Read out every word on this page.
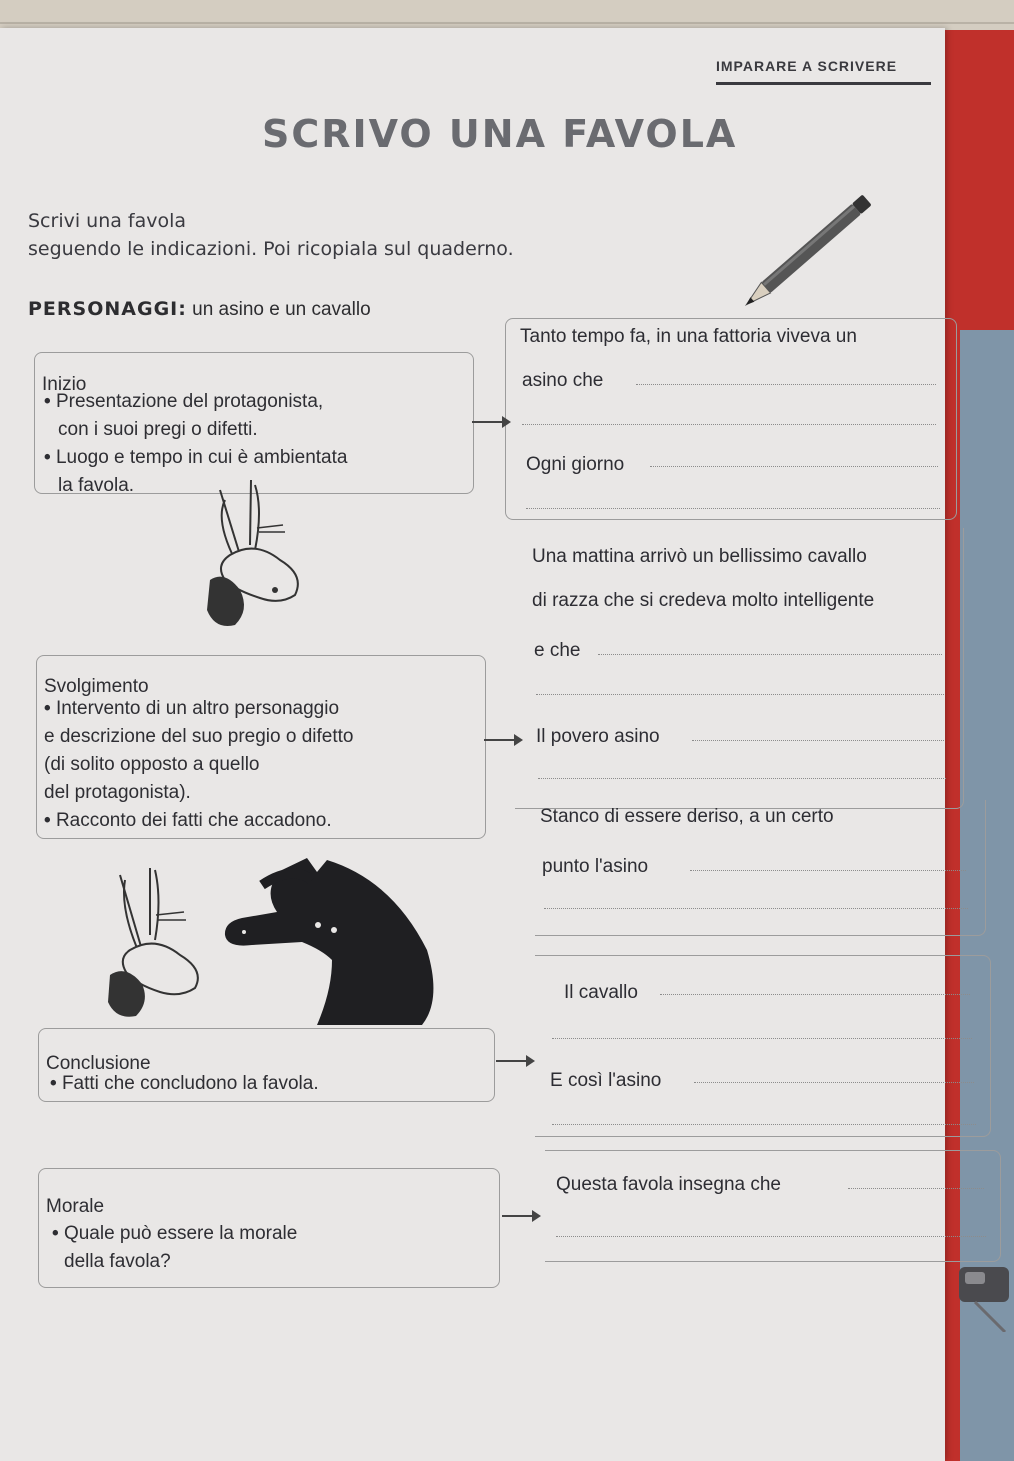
IMPARARE A SCRIVERE
SCRIVO UNA FAVOLA
Scrivi una favola
seguendo le indicazioni. Poi ricopiala sul quaderno.
PERSONAGGI: un asino e un cavallo
Inizio
• Presentazione del protagonista,
con i suoi pregi o difetti.
• Luogo e tempo in cui è ambientata
la favola.
Svolgimento
• Intervento di un altro personaggio
e descrizione del suo pregio o difetto
(di solito opposto a quello
del protagonista).
• Racconto dei fatti che accadono.
Conclusione
• Fatti che concludono la favola.
Morale
• Quale può essere la morale
della favola?
Tanto tempo fa, in una fattoria viveva un
asino che
Ogni giorno
Una mattina arrivò un bellissimo cavallo
di razza che si credeva molto intelligente
e che
Il povero asino
Stanco di essere deriso, a un certo
punto l'asino
Il cavallo
E così l'asino
Questa favola insegna che
